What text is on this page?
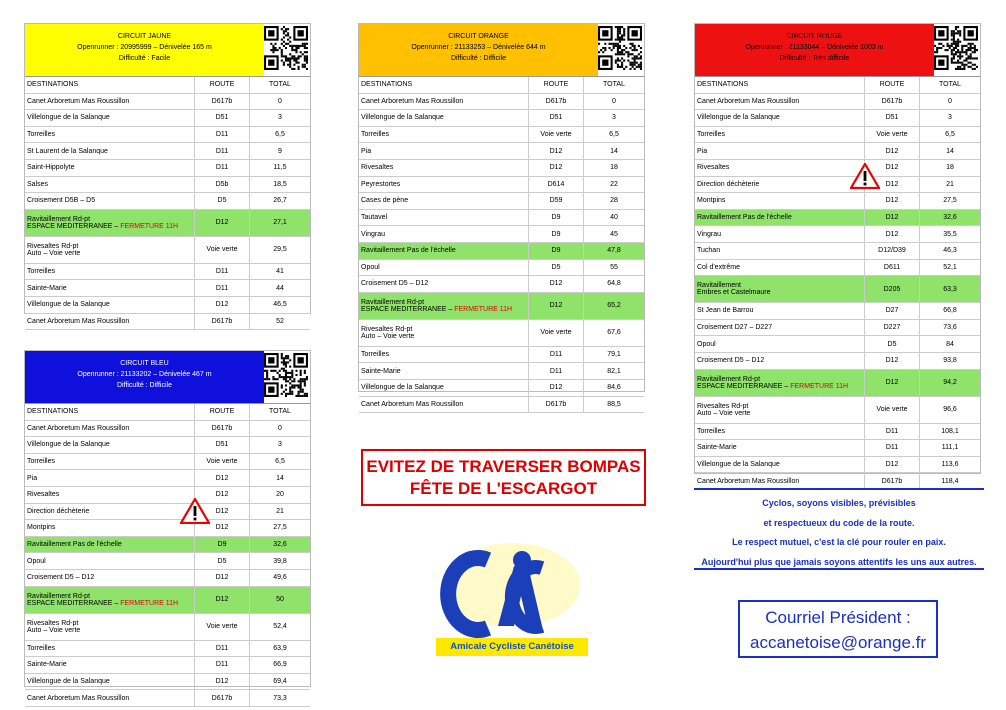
CIRCUIT JAUNE
Openrunner : 20995999 – Dénivelée 165 m
Difficulté : Facile
DESTINATIONS	ROUTE	TOTAL
Canet Arboretum Mas Roussillon	D617b	0
Villelongue de la Salanque	D51	3
Torreilles	D11	6,5
St Laurent de la Salanque	D11	9
Saint-Hippolyte	D11	11,5
Salses	D5b	18,5
Croisement D5B – D5	D5	26,7
Ravitaillement Rd-pt
ESPACE MEDITERRANEE – FERMETURE 11H	D12	27,1
Rivesaltes Rd-pt
Auto – Voie verte	Voie verte	29,5
Torreilles	D11	41
Sainte-Marie	D11	44
Villelongue de la Salanque	D12	46,5
Canet Arboretum Mas Roussillon	D617b	52
CIRCUIT BLEU
Openrunner : 21133202 – Dénivelée 467 m
Difficulté : Difficile
DESTINATIONS	ROUTE	TOTAL
Canet Arboretum Mas Roussillon	D617b	0
Villelongue de la Salanque	D51	3
Torreilles	Voie verte	6,5
Pia	D12	14
Rivesaltes	D12	20
Direction déchèterie	D12	21
Montpins	D12	27,5
Ravitaillement Pas de l'échelle	D9	32,6
Opoul	D5	39,8
Croisement D5 – D12	D12	49,6
Ravitaillement Rd-pt
ESPACE MEDITERRANEE – FERMETURE 11H	D12	50
Rivesaltes Rd-pt
Auto – Voie verte	Voie verte	52,4
Torreilles	D11	63,9
Sainte-Marie	D11	66,9
Villelongue de la Salanque	D12	69,4
Canet Arboretum Mas Roussillon	D617b	73,3
CIRCUIT ORANGE
Openrunner : 21133253 – Dénivelée 644 m
Difficulté : Difficile
DESTINATIONS	ROUTE	TOTAL
Canet Arboretum Mas Roussillon	D617b	0
Villelongue de la Salanque	D51	3
Torreilles	Voie verte	6,5
Pia	D12	14
Rivesaltes	D12	18
Peyrestortes	D614	22
Cases de pène	D59	28
Tautavel	D9	40
Vingrau	D9	45
Ravitaillement Pas de l'échelle	D9	47,8
Opoul	D5	55
Croisement D5 – D12	D12	64,8
Ravitaillement Rd-pt
ESPACE MEDITERRANEE – FERMETURE 11H	D12	65,2
Rivesaltes Rd-pt
Auto – Voie verte	Voie verte	67,6
Torreilles	D11	79,1
Sainte-Marie	D11	82,1
Villelongue de la Salanque	D12	84,6
Canet Arboretum Mas Roussillon	D617b	88,5
CIRCUIT ROUGE
Openrunner : 21133044 – Dénivelée 1003 m
Difficulté : Très difficile
DESTINATIONS	ROUTE	TOTAL
Canet Arboretum Mas Roussillon	D617b	0
Villelongue de la Salanque	D51	3
Torreilles	Voie verte	6,5
Pia	D12	14
Rivesaltes	D12	18
Direction déchèterie	D12	21
Montpins	D12	27,5
Ravitaillement Pas de l'échelle	D12	32,6
Vingrau	D12	35,5
Tuchan	D12/D39	46,3
Col d'extrême	D611	52,1
Ravitaillement
Embres et Castelmaure	D205	63,3
St Jean de Barrou	D27	66,8
Croisement D27 – D227	D227	73,6
Opoul	D5	84
Croisement D5 – D12	D12	93,8
Ravitaillement Rd-pt
ESPACE MEDITERRANEE – FERMETURE 11H	D12	94,2
Rivesaltes Rd-pt
Auto – Voie verte	Voie verte	96,6
Torreilles	D11	108,1
Sainte-Marie	D11	111,1
Villelongue de la Salanque	D12	113,6
Canet Arboretum Mas Roussillon	D617b	118,4
EVITEZ DE TRAVERSER BOMPAS
FÊTE DE L'ESCARGOT
Amicale Cycliste Canétoise
Cyclos, soyons visibles, prévisibles
et respectueux du code de la route.
Le respect mutuel, c'est la clé pour rouler en paix.
Aujourd'hui plus que jamais soyons attentifs les uns aux autres.
Courriel Président :
accanetoise@orange.fr
